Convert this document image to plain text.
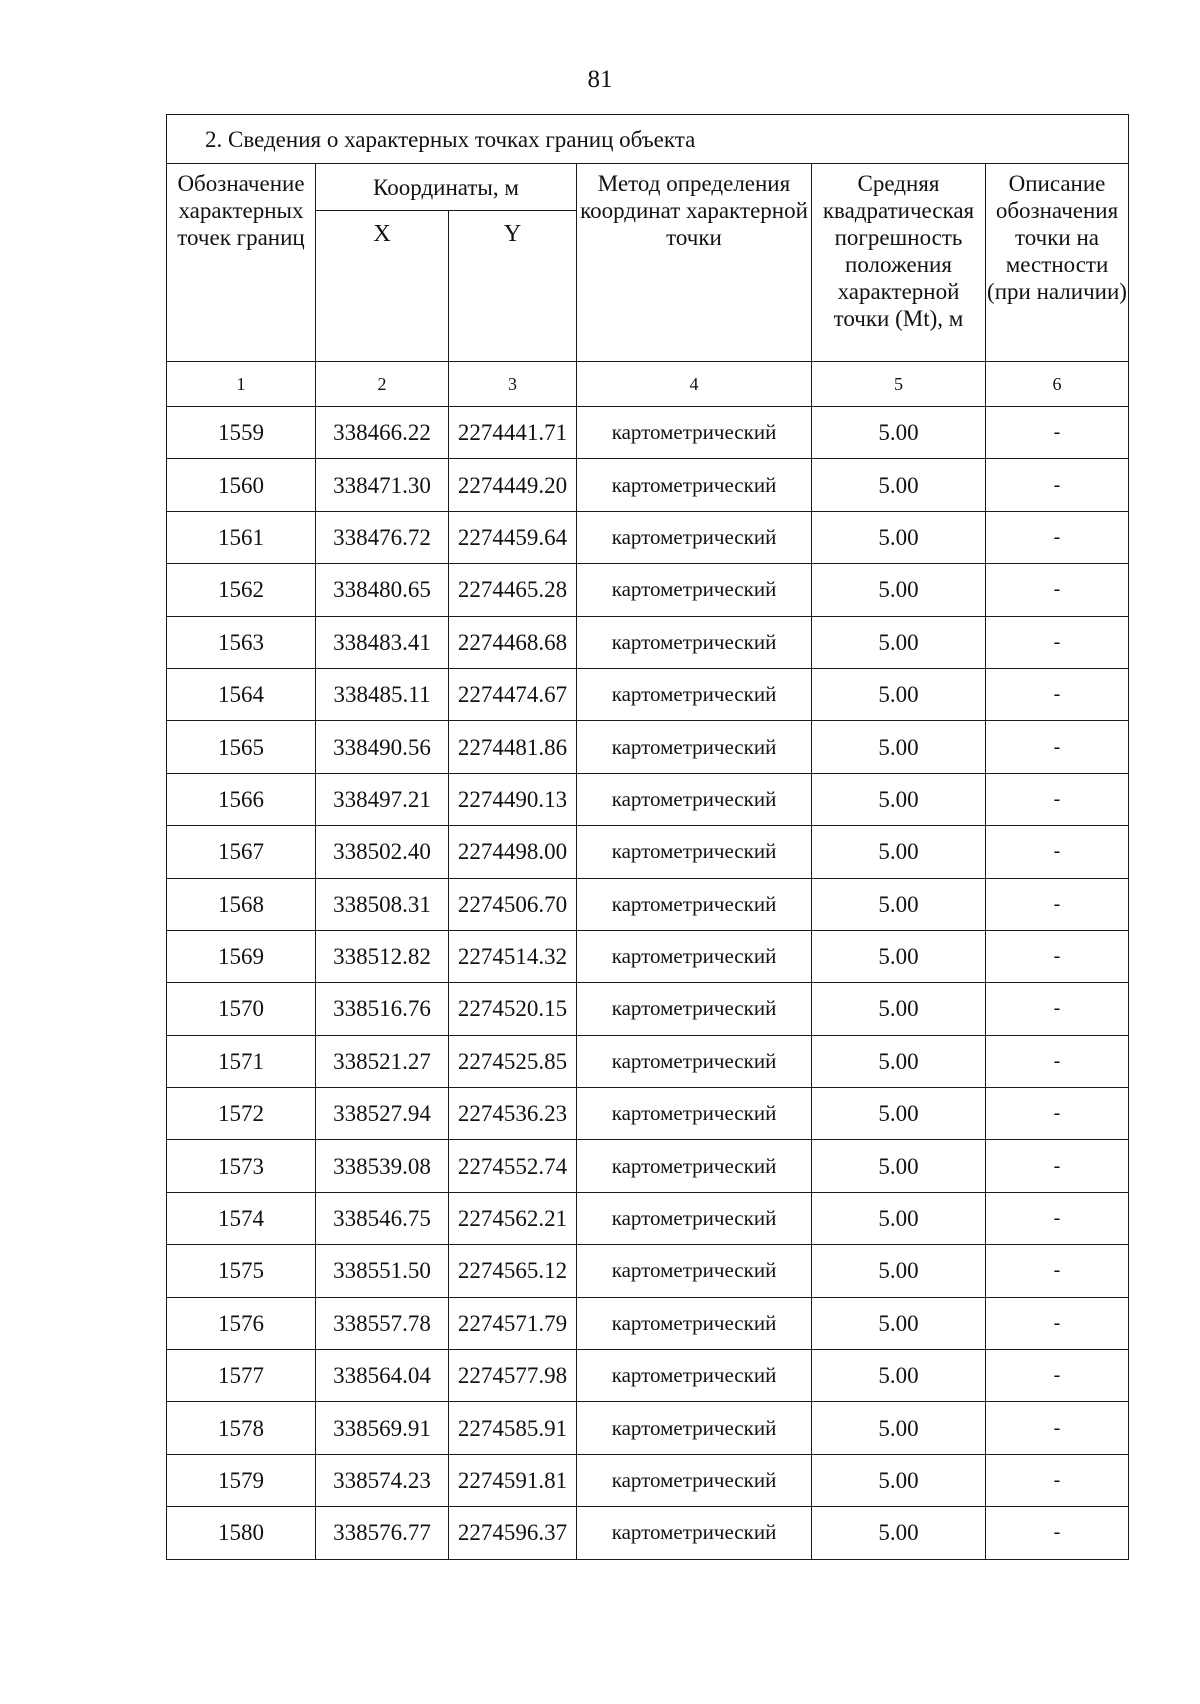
81
2. Сведения о характерных точках границ объекта					
Обозначение характерных точек границ	Координаты, м		Метод определения координат характерной точки	Средняя квадратическая погрешность положения характерной точки (Mt), м	Описание обозначения точки на местности (при наличии)
	X	Y			
1	2	3	4	5	6
1559	338466.22	2274441.71	картометрический	5.00	-
1560	338471.30	2274449.20	картометрический	5.00	-
1561	338476.72	2274459.64	картометрический	5.00	-
1562	338480.65	2274465.28	картометрический	5.00	-
1563	338483.41	2274468.68	картометрический	5.00	-
1564	338485.11	2274474.67	картометрический	5.00	-
1565	338490.56	2274481.86	картометрический	5.00	-
1566	338497.21	2274490.13	картометрический	5.00	-
1567	338502.40	2274498.00	картометрический	5.00	-
1568	338508.31	2274506.70	картометрический	5.00	-
1569	338512.82	2274514.32	картометрический	5.00	-
1570	338516.76	2274520.15	картометрический	5.00	-
1571	338521.27	2274525.85	картометрический	5.00	-
1572	338527.94	2274536.23	картометрический	5.00	-
1573	338539.08	2274552.74	картометрический	5.00	-
1574	338546.75	2274562.21	картометрический	5.00	-
1575	338551.50	2274565.12	картометрический	5.00	-
1576	338557.78	2274571.79	картометрический	5.00	-
1577	338564.04	2274577.98	картометрический	5.00	-
1578	338569.91	2274585.91	картометрический	5.00	-
1579	338574.23	2274591.81	картометрический	5.00	-
1580	338576.77	2274596.37	картометрический	5.00	-
